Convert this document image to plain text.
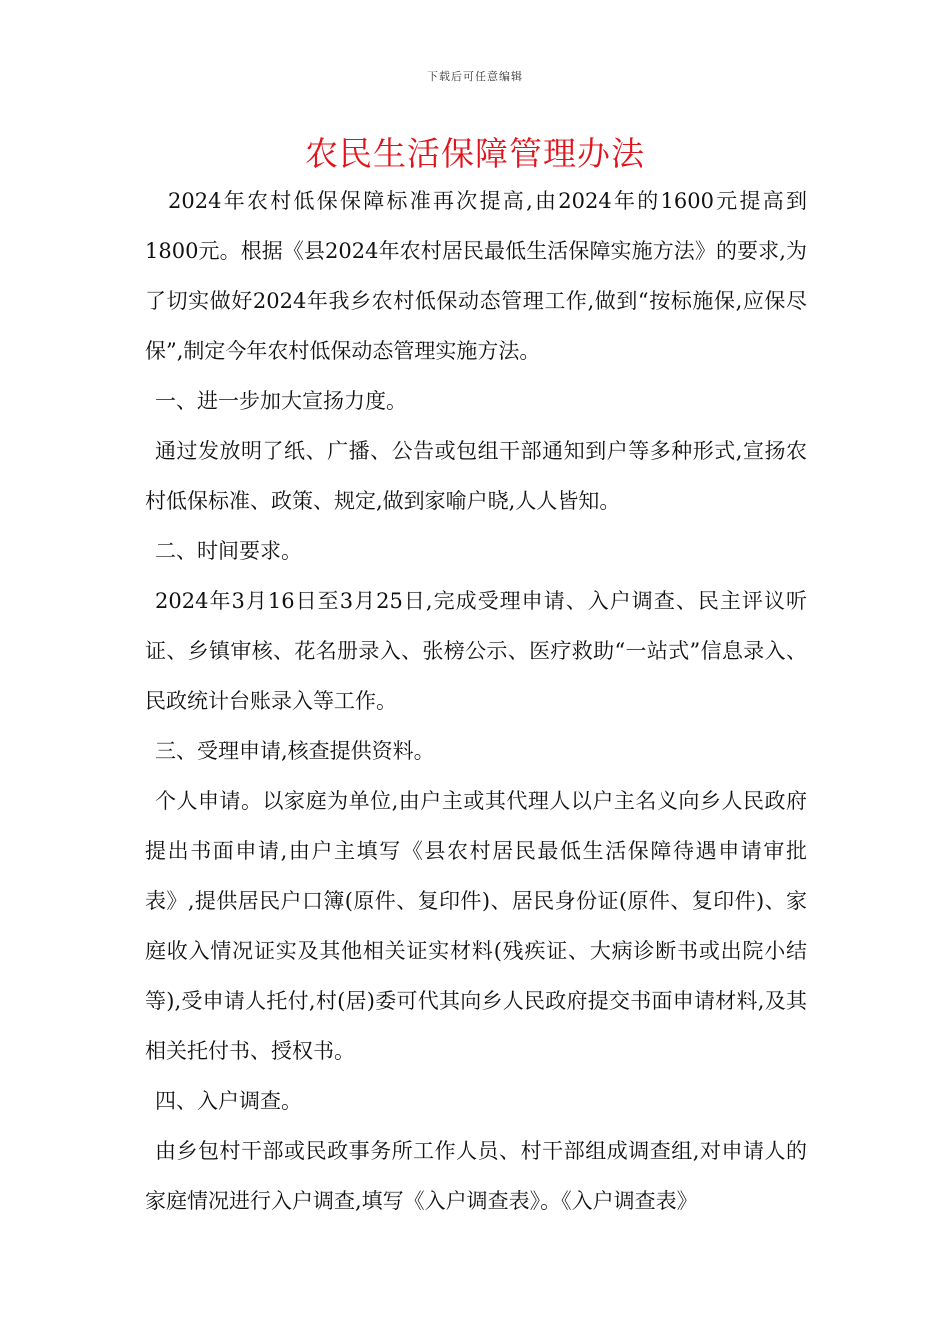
下载后可任意编辑
农民生活保障管理办法

2024年农村低保保障标准再次提高,由2024年的1600元提高到1800元。根据《县2024年农村居民最低生活保障实施方法》的要求,为了切实做好2024年我乡农村低保动态管理工作,做到“按标施保,应保尽保”,制定今年农村低保动态管理实施方法。

一、进一步加大宣扬力度。

通过发放明了纸、广播、公告或包组干部通知到户等多种形式,宣扬农村低保标准、政策、规定,做到家喻户晓,人人皆知。

二、时间要求。

2024年3月16日至3月25日,完成受理申请、入户调查、民主评议听证、乡镇审核、花名册录入、张榜公示、医疗救助“一站式”信息录入、民政统计台账录入等工作。

三、受理申请,核查提供资料。

个人申请。以家庭为单位,由户主或其代理人以户主名义向乡人民政府提出书面申请,由户主填写《县农村居民最低生活保障待遇申请审批表》,提供居民户口簿(原件、复印件)、居民身份证(原件、复印件)、家庭收入情况证实及其他相关证实材料(残疾证、大病诊断书或出院小结等),受申请人托付,村(居)委可代其向乡人民政府提交书面申请材料,及其相关托付书、授权书。

四、入户调查。

由乡包村干部或民政事务所工作人员、村干部组成调查组,对申请人的家庭情况进行入户调查,填写《入户调查表》。《入户调查表》
